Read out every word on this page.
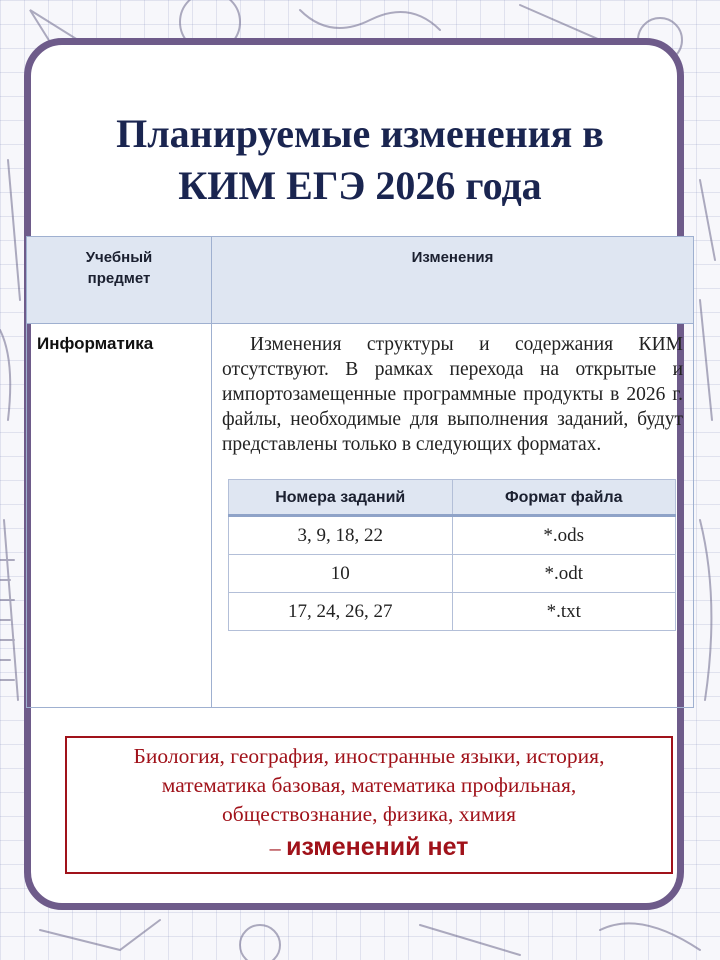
Планируемые изменения в
КИМ ЕГЭ 2026 года
Учебный
предмет	Изменения
Информатика	Изменения структуры и содержания КИМ отсутствуют. В рамках перехода на открытые и импортозамещенные программные продукты в 2026 г. файлы, необходимые для выполнения заданий, будут представлены только в следующих форматах.

Номера заданий	Формат файла
3, 9, 18, 22	*.ods
10	*.odt
17, 24, 26, 27	*.txt
Биология, география, иностранные языки, история,
математика базовая, математика профильная,
обществознание, физика, химия
– изменений нет
